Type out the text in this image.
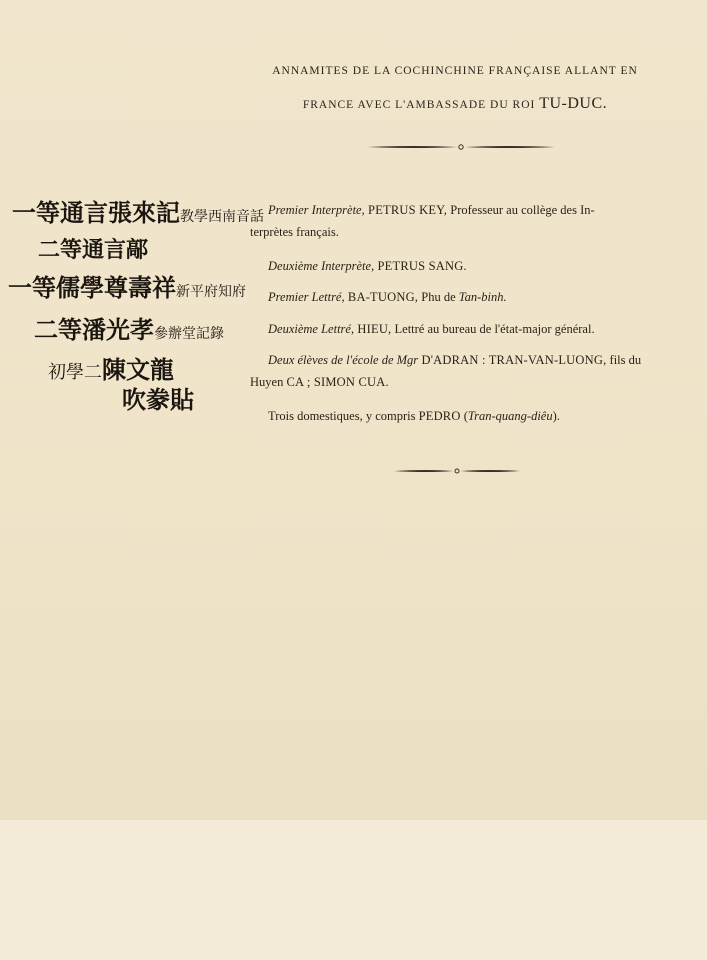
ANNAMITES DE LA COCHINCHINE FRANÇAISE ALLANT EN
FRANCE AVEC L'AMBASSADE DU ROI TU-DUC.
Premier Interprète, PETRUS KEY, Professeur au collège des In-
terprètes français.
Deuxième Interprète, PETRUS SANG.
Premier Lettré, BA-TUONG, Phu de Tan-binh.
Deuxième Lettré, HIEU, Lettré au bureau de l'état-major général.
Deux élèves de l'école de Mgr D'ADRAN : TRAN-VAN-LUONG, fils du
Huyen CA ; SIMON CUA.
Trois domestiques, y compris PEDRO (Tran-quang-diêu).
一等通言張來記教學西南音話
二等通言鄗
一等儒學尊壽祥新平府知府
二等潘光孝參辦堂記錄
初學二陳文龍
吹豢貼
